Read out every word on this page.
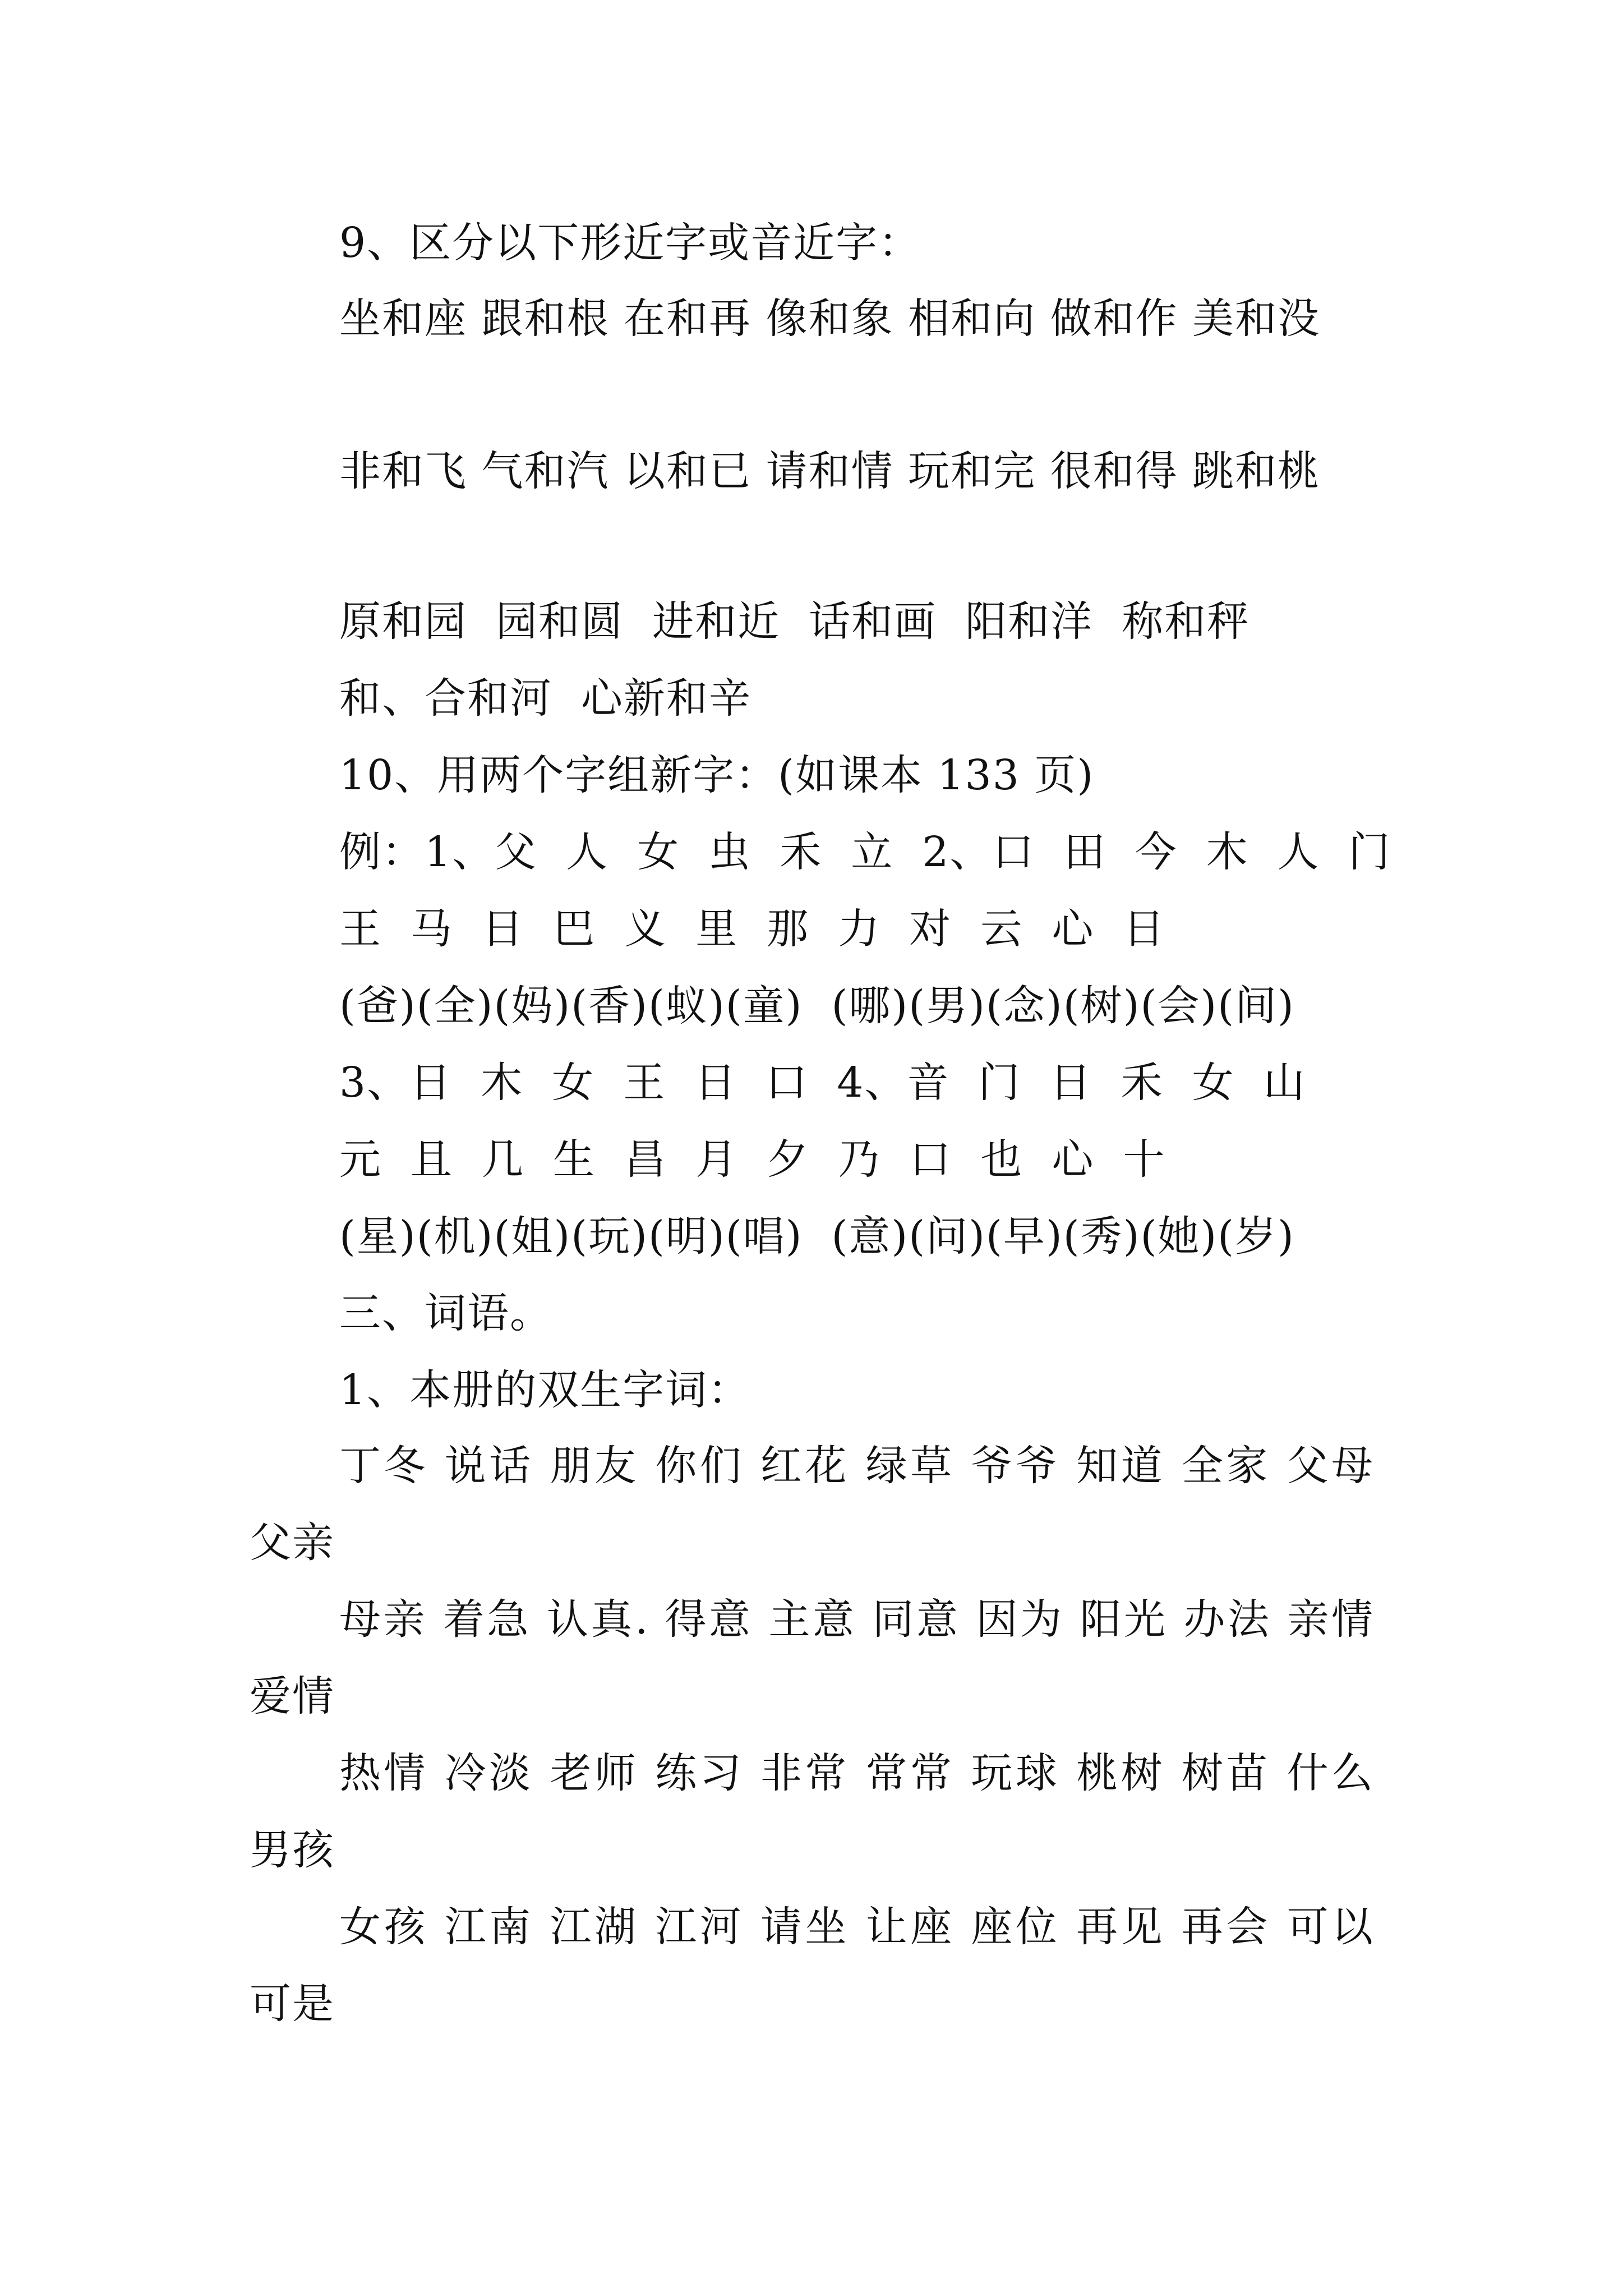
9、区分以下形近字或音近字：
坐和座 跟和根 在和再 像和象 相和向 做和作 美和没
非和飞 气和汽 以和已 请和情 玩和完 很和得 跳和桃
原和园  园和圆  进和近  话和画  阳和洋  称和秤
和、合和河  心新和辛
10、用两个字组新字：(如课本 133 页)
例：1、父  人  女  虫  禾  立  2、口  田  今  木  人  门
王  马  日  巴  义  里  那  力  对  云  心  日
(爸)(全)(妈)(香)(蚁)(童)  (哪)(男)(念)(树)(会)(间)
3、日  木  女  王  日  口  4、音  门  日  禾  女  山
元  且  几  生  昌  月  夕  乃  口  也  心  十
(星)(机)(姐)(玩)(明)(唱)  (意)(问)(早)(秀)(她)(岁)
三、词语。
1、本册的双生字词：
丁冬 说话 朋友 你们 红花 绿草 爷爷 知道 全家 父母 父亲
母亲 着急 认真. 得意 主意 同意 因为 阳光 办法 亲情 爱情
热情 冷淡 老师 练习 非常 常常 玩球 桃树 树苗 什么 男孩
女孩 江南 江湖 江河 请坐 让座 座位 再见 再会 可以 可是
